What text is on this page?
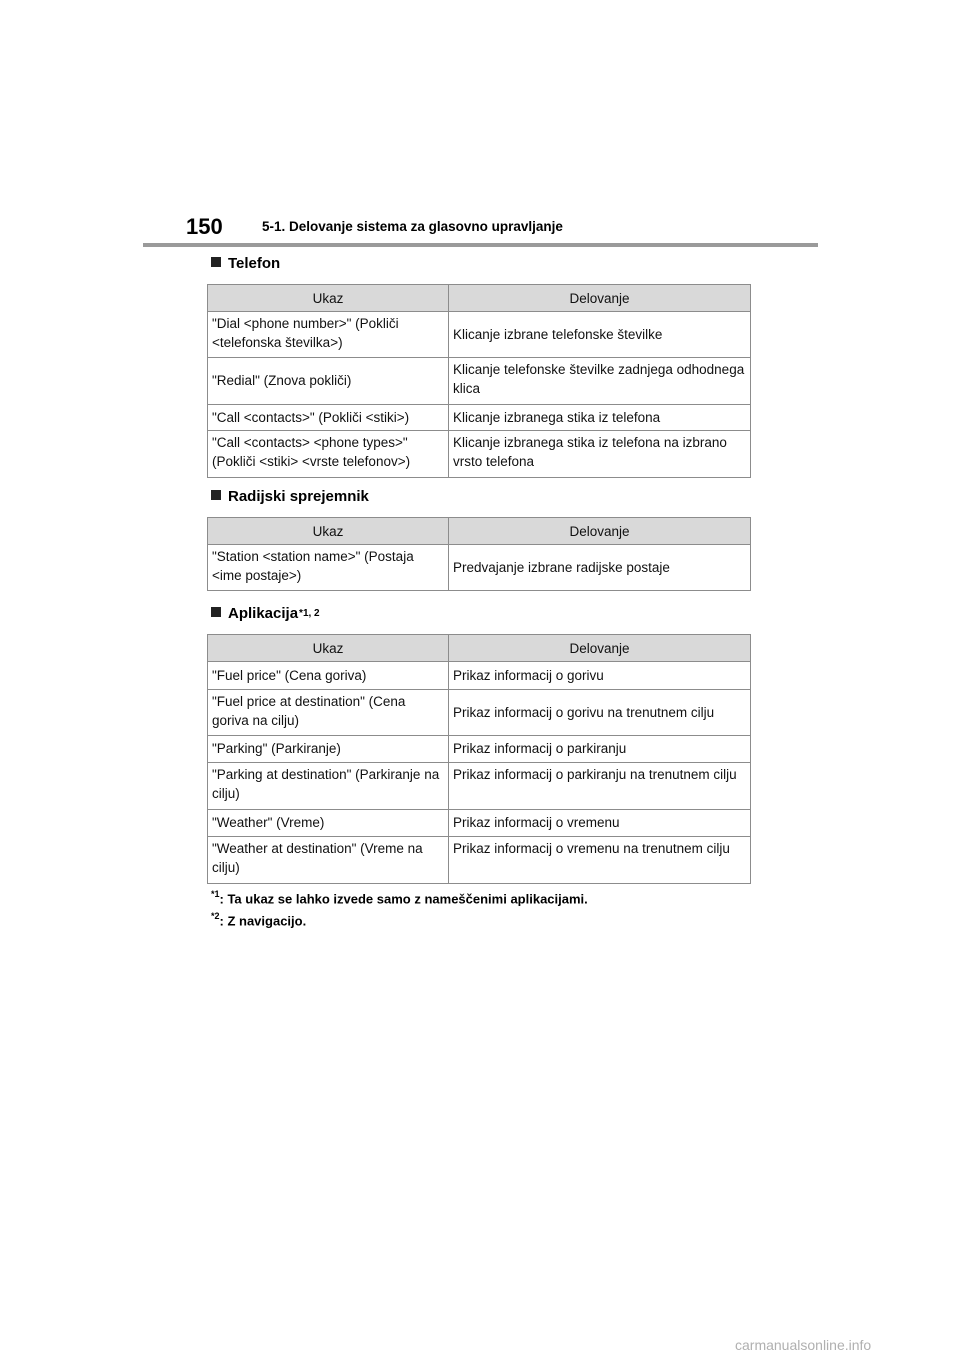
150	5-1. Delovanje sistema za glasovno upravljanje
Telefon
Ukaz	Delovanje
"Dial <phone number>" (Pokliči <telefonska številka>)	Klicanje izbrane telefonske številke
"Redial" (Znova pokliči)	Klicanje telefonske številke zadnjega odhodnega klica
"Call <contacts>" (Pokliči <stiki>)	Klicanje izbranega stika iz telefona
"Call <contacts> <phone types>" (Pokliči <stiki> <vrste telefonov>)	Klicanje izbranega stika iz telefona na izbrano vrsto telefona
Radijski sprejemnik
Ukaz	Delovanje
"Station <station name>" (Postaja <ime postaje>)	Predvajanje izbrane radijske postaje
Aplikacija$^{*1, 2}$
Ukaz	Delovanje
"Fuel price" (Cena goriva)	Prikaz informacij o gorivu
"Fuel price at destination" (Cena goriva na cilju)	Prikaz informacij o gorivu na trenutnem cilju
"Parking" (Parkiranje)	Prikaz informacij o parkiranju
"Parking at destination" (Parkiranje na cilju)	Prikaz informacij o parkiranju na trenutnem cilju
"Weather" (Vreme)	Prikaz informacij o vremenu
"Weather at destination" (Vreme na cilju)	Prikaz informacij o vremenu na trenutnem cilju

$^{*1}$: Ta ukaz se lahko izvede samo z nameščenimi aplikacijami.

$^{*2}$: Z navigacijo.

carmanualsonline.info
